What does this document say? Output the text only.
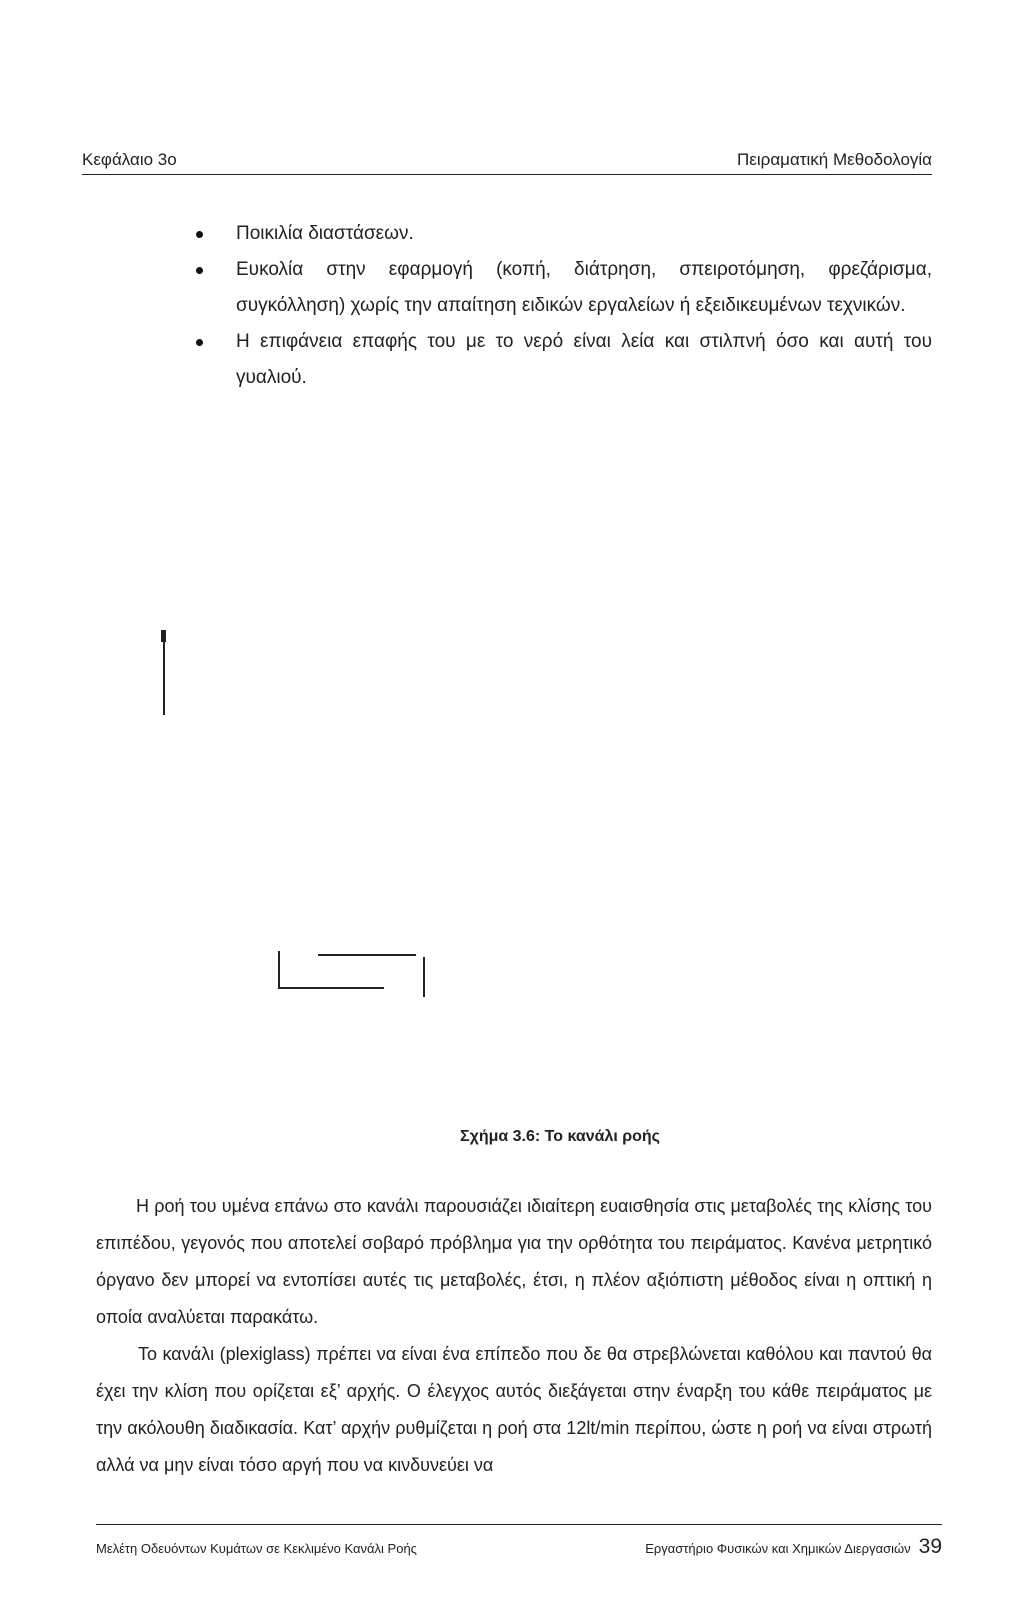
Κεφάλαιο 3ο	Πειραματική Μεθοδολογία
Ποικιλία διαστάσεων.
Ευκολία στην εφαρμογή (κοπή, διάτρηση, σπειροτόμηση, φρεζάρισμα, συγκόλληση) χωρίς την απαίτηση ειδικών εργαλείων ή εξειδικευμένων τεχνικών.
Η επιφάνεια επαφής του με το νερό είναι λεία και στιλπνή όσο και αυτή του γυαλιού.
Σχήμα 3.6: Το κανάλι ροής

Η ροή του υμένα επάνω στο κανάλι παρουσιάζει ιδιαίτερη ευαισθησία στις μεταβολές της κλίσης του επιπέδου, γεγονός που αποτελεί σοβαρό πρόβλημα για την ορθότητα του πειράματος. Κανένα μετρητικό όργανο δεν μπορεί να εντοπίσει αυτές τις μεταβολές, έτσι, η πλέον αξιόπιστη μέθοδος είναι η οπτική η οποία αναλύεται παρακάτω.

Το κανάλι (plexiglass) πρέπει να είναι ένα επίπεδο που δε θα στρεβλώνεται καθόλου και παντού θα έχει την κλίση που ορίζεται εξ’ αρχής. Ο έλεγχος αυτός διεξάγεται στην έναρξη του κάθε πειράματος με την ακόλουθη διαδικασία. Κατ’ αρχήν ρυθμίζεται η ροή στα 12lt/min περίπου, ώστε η ροή να είναι στρωτή αλλά να μην είναι τόσο αργή που να κινδυνεύει να

Μελέτη Οδευόντων Κυμάτων σε Κεκλιμένο Κανάλι Ροής	Εργαστήριο Φυσικών και Χημικών Διεργασιών 39
